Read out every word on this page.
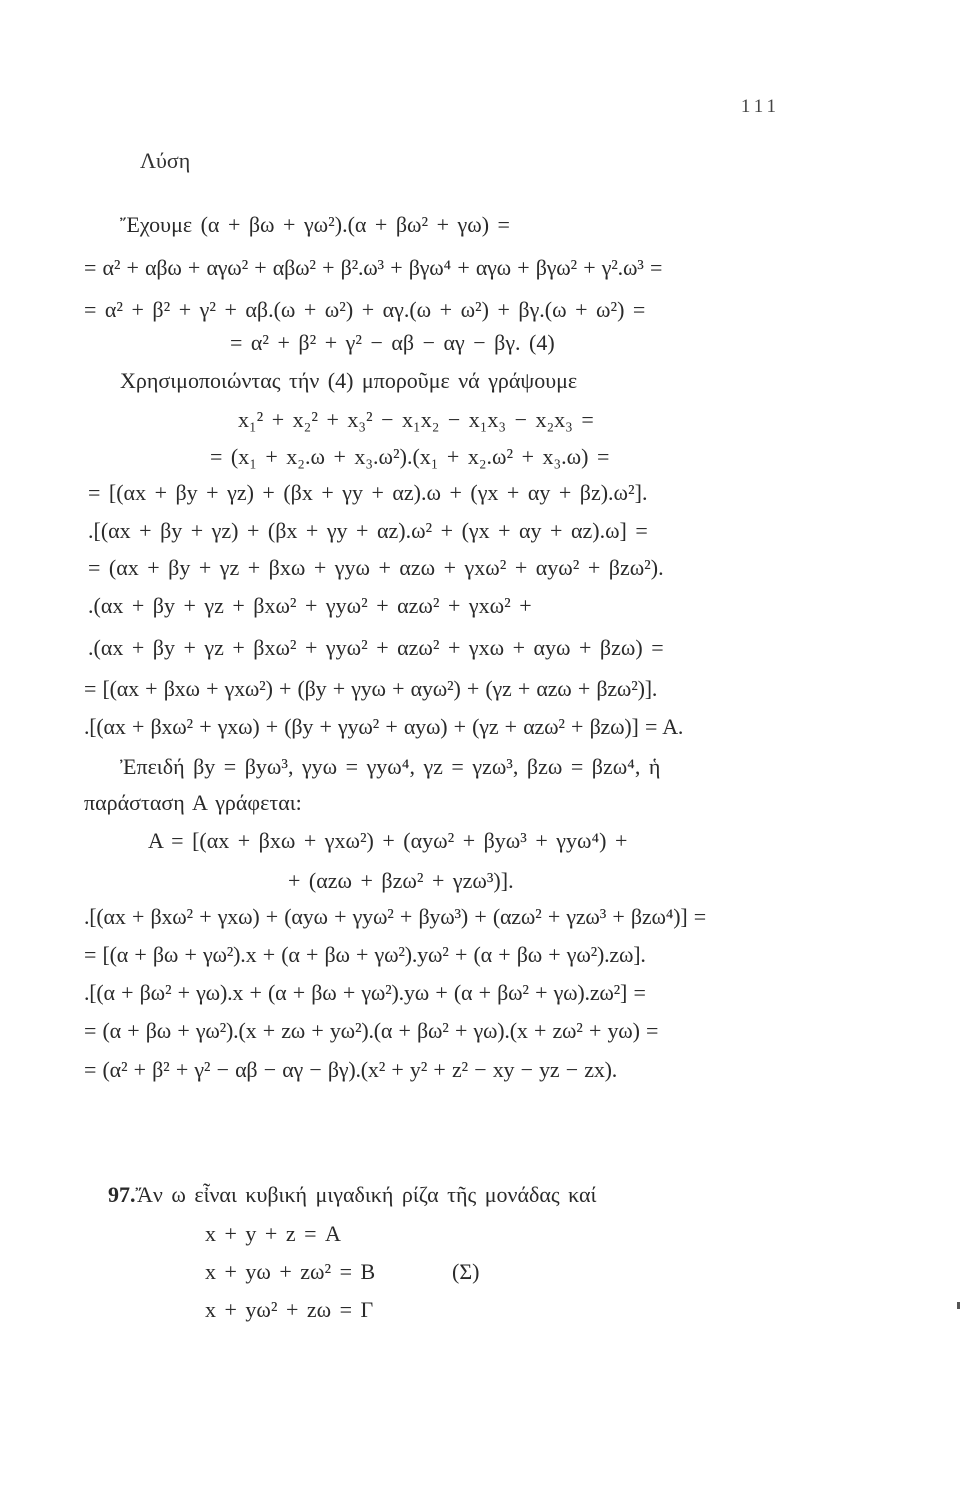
111
Λύση
Ἔχουμε (α + βω + γω²).(α + βω² + γω) =
= α² + αβω + αγω² + αβω² + β².ω³ + βγω⁴ + αγω + βγω² + γ².ω³ =
= α² + β² + γ² + αβ.(ω + ω²) + αγ.(ω + ω²) + βγ.(ω + ω²) =
= α² + β² + γ² − αβ − αγ − βγ. (4)
Χρησιμοποιώντας τήν (4) μποροῦμε νά γράψουμε
x₁² + x₂² + x₃² − x₁x₂ − x₁x₃ − x₂x₃ =
= (x₁ + x₂.ω + x₃.ω²).(x₁ + x₂.ω² + x₃.ω) =
= [(αx + βy + γz) + (βx + γy + αz).ω + (γx + αy + βz).ω²].
.[(αx + βy + γz) + (βx + γy + αz).ω² + (γx + αy + αz).ω] =
= (αx + βy + γz + βxω + γyω + αzω + γxω² + αyω² + βzω²).
.(αx + βy + γz + βxω² + γyω² + αzω² + γxω² +
.(αx + βy + γz + βxω² + γyω² + αzω² + γxω + αyω + βzω) =
= [(αx + βxω + γxω²) + (βy + γyω + αyω²) + (γz + αzω + βzω²)].
.[(αx + βxω² + γxω) + (βy + γyω² + αyω) + (γz + αzω² + βzω)] = Α.
Ἐπειδή βy = βyω³, γyω = γyω⁴, γz = γzω³, βzω = βzω⁴, ἡ
παράσταση Α γράφεται:
Α = [(αx + βxω + γxω²) + (αyω² + βyω³ + γyω⁴) +
+ (αzω + βzω² + γzω³)].
.[(αx + βxω² + γxω) + (αyω + γyω² + βyω³) + (αzω² + γzω³ + βzω⁴)] =
= [(α + βω + γω²).x + (α + βω + γω²).yω² + (α + βω + γω²).zω].
.[(α + βω² + γω).x + (α + βω + γω²).yω + (α + βω² + γω).zω²] =
= (α + βω + γω²).(x + zω + yω²).(α + βω² + γω).(x + zω² + yω) =
= (α² + β² + γ² − αβ − αγ − βγ).(x² + y² + z² − xy − yz − zx).
97.Ἄν ω εἶναι κυβική μιγαδική ρίζα τῆς μονάδας καί
x + y + z = Α
x + yω + zω² = Β	(Σ)
x + yω² + zω = Γ
